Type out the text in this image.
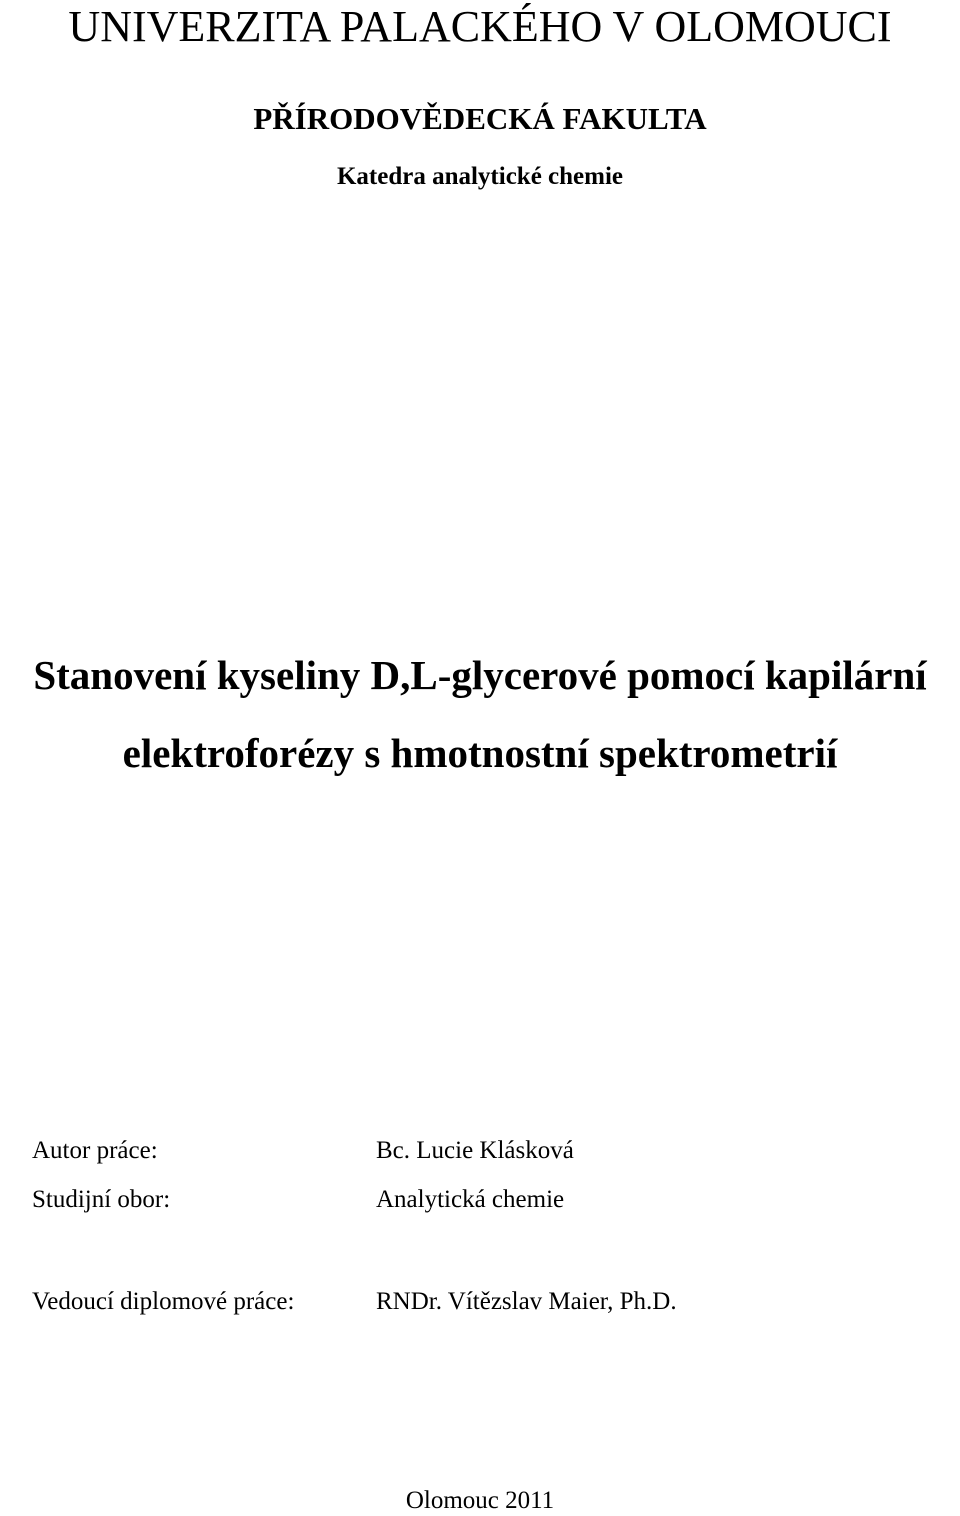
UNIVERZITA PALACKÉHO V OLOMOUCI
PŘÍRODOVĚDECKÁ FAKULTA
Katedra analytické chemie
Stanovení kyseliny D,L-glycerové pomocí kapilární
elektroforézy s hmotnostní spektrometrií
Autor práce:	Bc. Lucie Klásková
Studijní obor:	Analytická chemie
Vedoucí diplomové práce:	RNDr. Vítězslav Maier, Ph.D.
Olomouc 2011
